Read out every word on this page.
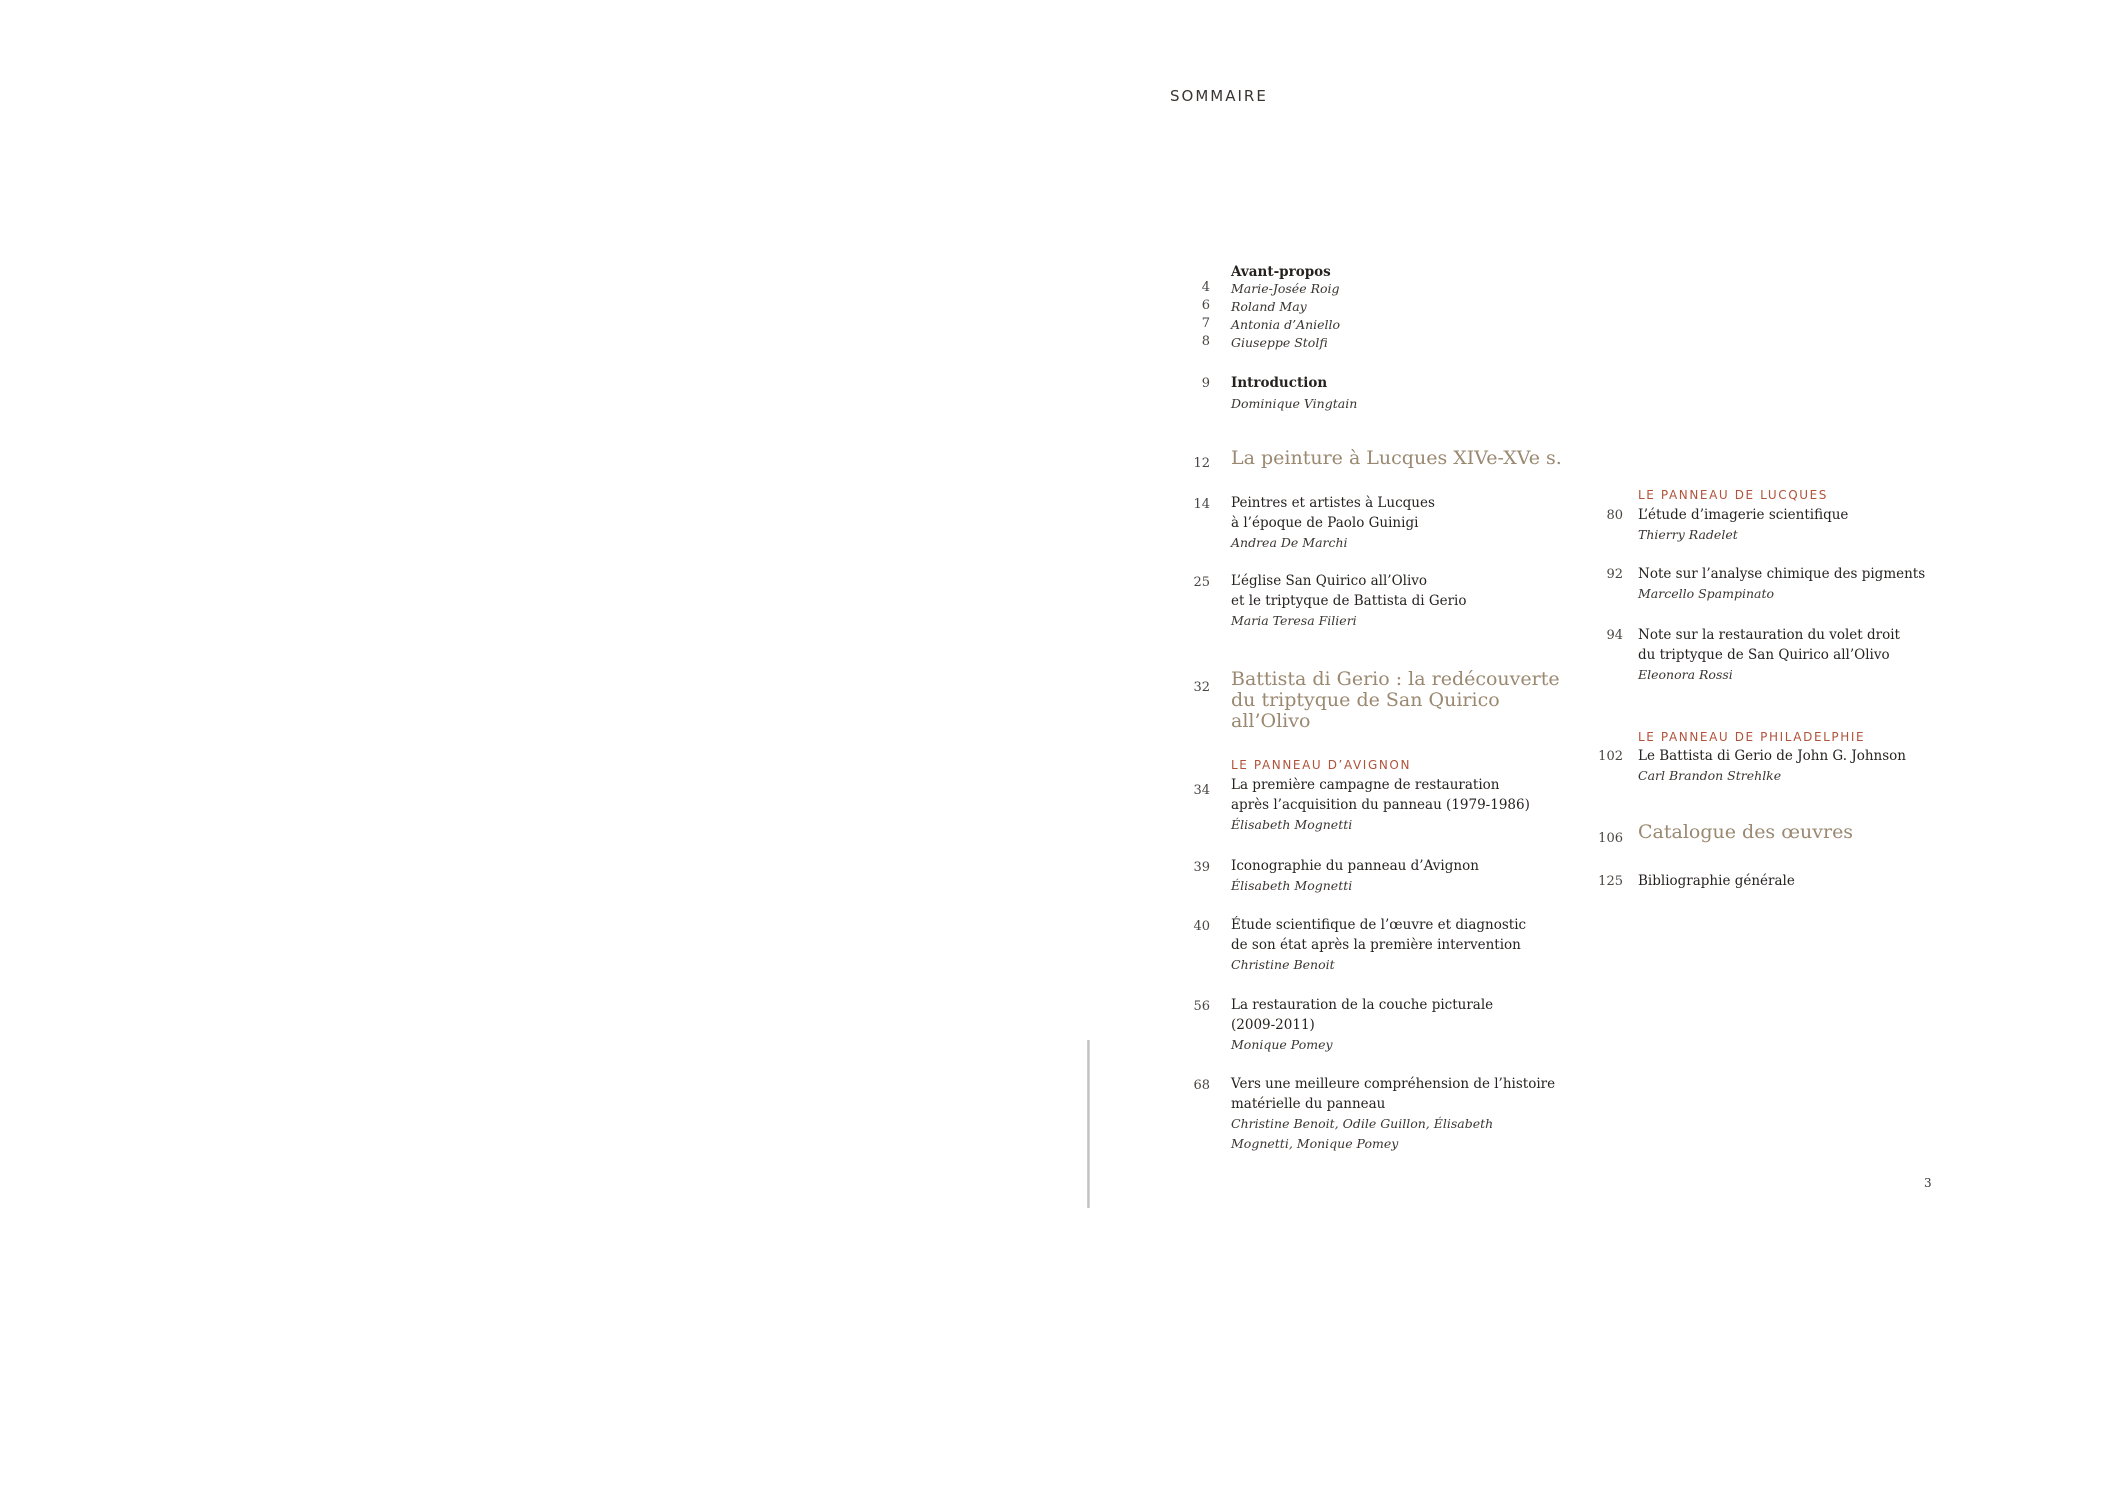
SOMMAIRE
Avant-propos
4 Marie-Josée Roig
6 Roland May
7 Antonia d’Aniello
8 Giuseppe Stolfi
9 Introduction
Dominique Vingtain
12 La peinture à Lucques XIVe-XVe s.
14 Peintres et artistes à Lucques
à l’époque de Paolo Guinigi
Andrea De Marchi
25 L’église San Quirico all’Olivo
et le triptyque de Battista di Gerio
Maria Teresa Filieri
32 Battista di Gerio : la redécouverte
du triptyque de San Quirico
all’Olivo
LE PANNEAU D’AVIGNON
34 La première campagne de restauration
après l’acquisition du panneau (1979-1986)
Élisabeth Mognetti
39 Iconographie du panneau d’Avignon
Élisabeth Mognetti
40 Étude scientifique de l’œuvre et diagnostic
de son état après la première intervention
Christine Benoit
56 La restauration de la couche picturale
(2009-2011)
Monique Pomey
68 Vers une meilleure compréhension de l’histoire
matérielle du panneau
Christine Benoit, Odile Guillon, Élisabeth
Mognetti, Monique Pomey
LE PANNEAU DE LUCQUES
80 L’étude d’imagerie scientifique
Thierry Radelet
92 Note sur l’analyse chimique des pigments
Marcello Spampinato
94 Note sur la restauration du volet droit
du triptyque de San Quirico all’Olivo
Eleonora Rossi
LE PANNEAU DE PHILADELPHIE
102 Le Battista di Gerio de John G. Johnson
Carl Brandon Strehlke
106 Catalogue des œuvres
125 Bibliographie générale
3
